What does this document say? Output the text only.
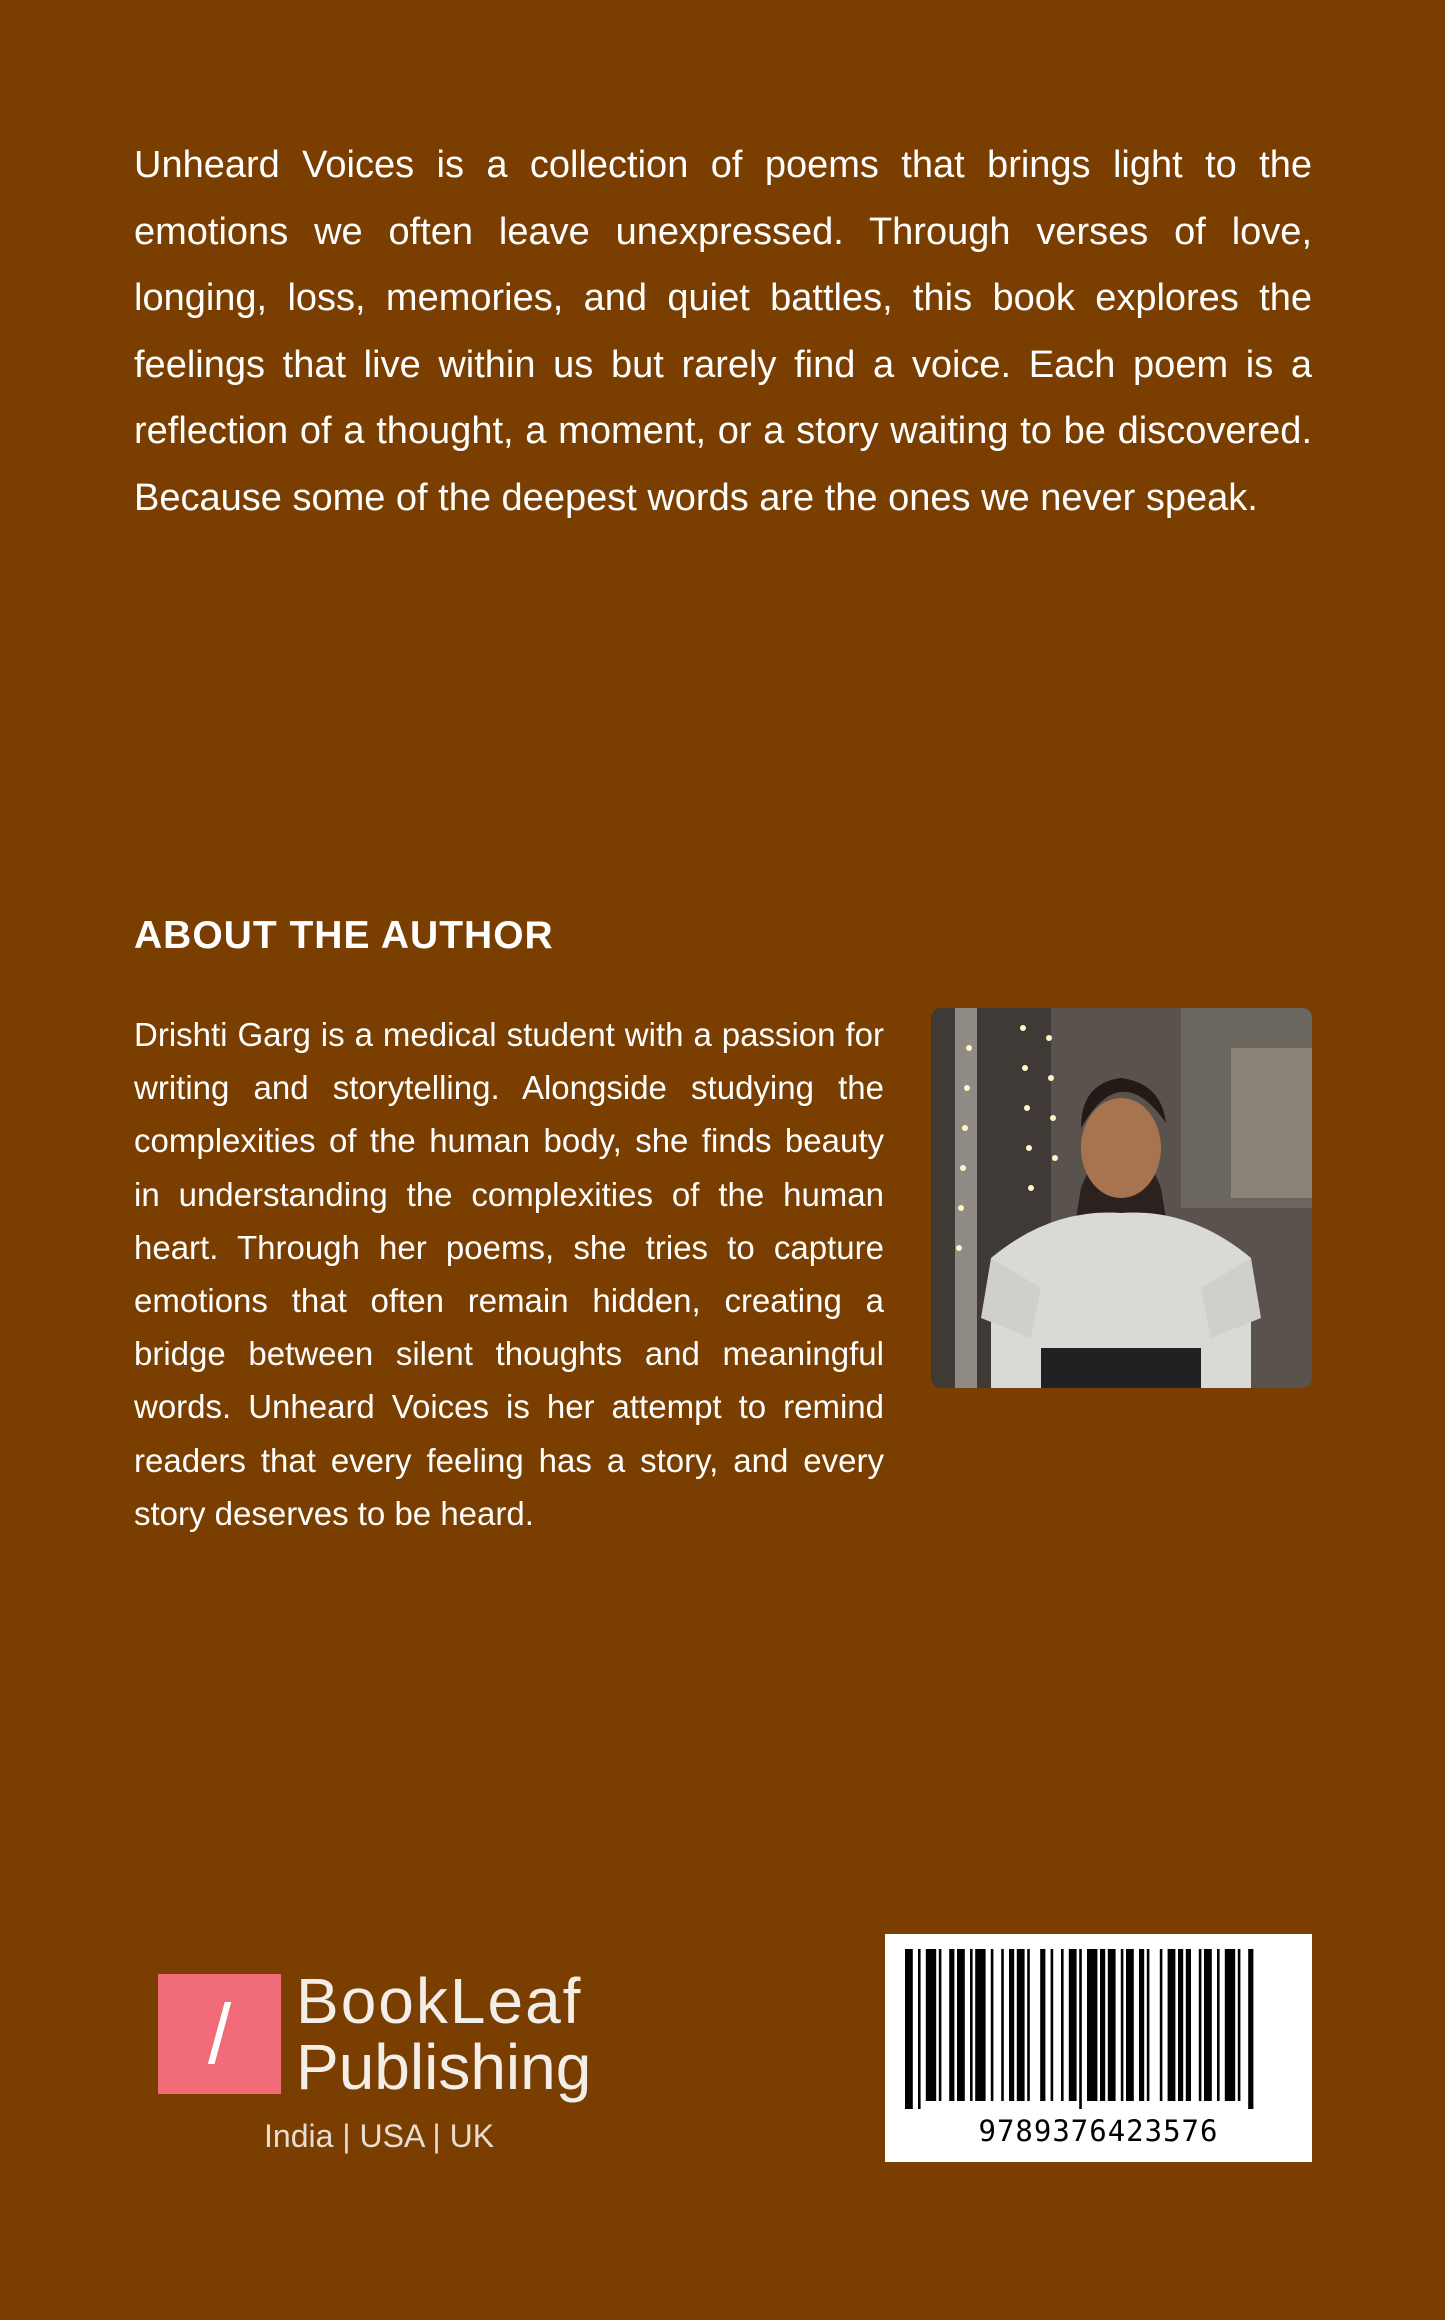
Unheard Voices is a collection of poems that brings light to the emotions we often leave unexpressed. Through verses of love, longing, loss, memories, and quiet battles, this book explores the feelings that live within us but rarely find a voice. Each poem is a reflection of a thought, a moment, or a story waiting to be discovered. Because some of the deepest words are the ones we never speak.

ABOUT THE AUTHOR

Drishti Garg is a medical student with a passion for writing and storytelling. Alongside studying the complexities of the human body, she finds beauty in understanding the complexities of the human heart. Through her poems, she tries to capture emotions that often remain hidden, creating a bridge between silent thoughts and meaningful words. Unheard Voices is her attempt to remind readers that every feeling has a story, and every story deserves to be heard.

/	BookLeaf
Publishing
India | USA | UK	9789376423576
